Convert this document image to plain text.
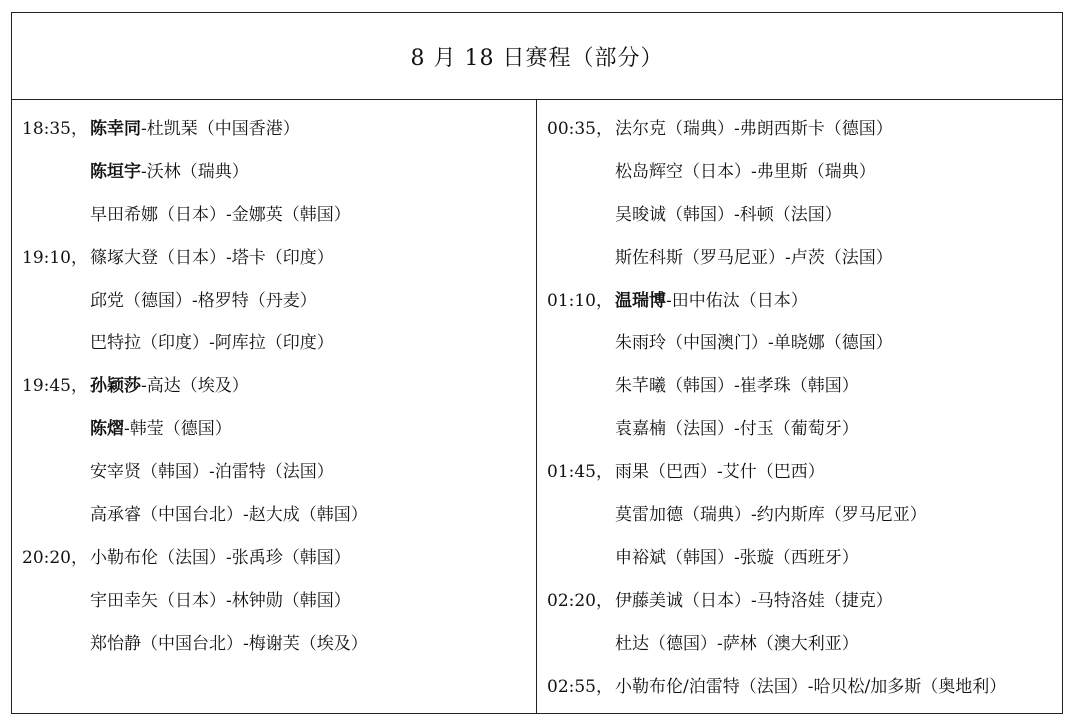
8 月 18 日赛程（部分）
18:35， 陈幸同-杜凯琹（中国香港）
陈垣宇-沃林（瑞典）
早田希娜（日本）-金娜英（韩国）
19:10， 篠塚大登（日本）-塔卡（印度）
邱党（德国）-格罗特（丹麦）
巴特拉（印度）-阿库拉（印度）
19:45， 孙颖莎-高达（埃及）
陈熠-韩莹（德国）
安宰贤（韩国）-泊雷特（法国）
高承睿（中国台北）-赵大成（韩国）
20:20， 小勒布伦（法国）-张禹珍（韩国）
宇田幸矢（日本）-林钟勋（韩国）
郑怡静（中国台北）-梅谢芙（埃及）
00:35， 法尔克（瑞典）-弗朗西斯卡（德国）
松岛辉空（日本）-弗里斯（瑞典）
吴晙诚（韩国）-科顿（法国）
斯佐科斯（罗马尼亚）-卢茨（法国）
01:10， 温瑞博-田中佑汰（日本）
朱雨玲（中国澳门）-单晓娜（德国）
朱芊曦（韩国）-崔孝珠（韩国）
袁嘉楠（法国）-付玉（葡萄牙）
01:45， 雨果（巴西）-艾什（巴西）
莫雷加德（瑞典）-约内斯库（罗马尼亚）
申裕斌（韩国）-张璇（西班牙）
02:20， 伊藤美诚（日本）-马特洛娃（捷克）
杜达（德国）-萨林（澳大利亚）
02:55， 小勒布伦/泊雷特（法国）-哈贝松/加多斯（奥地利）
